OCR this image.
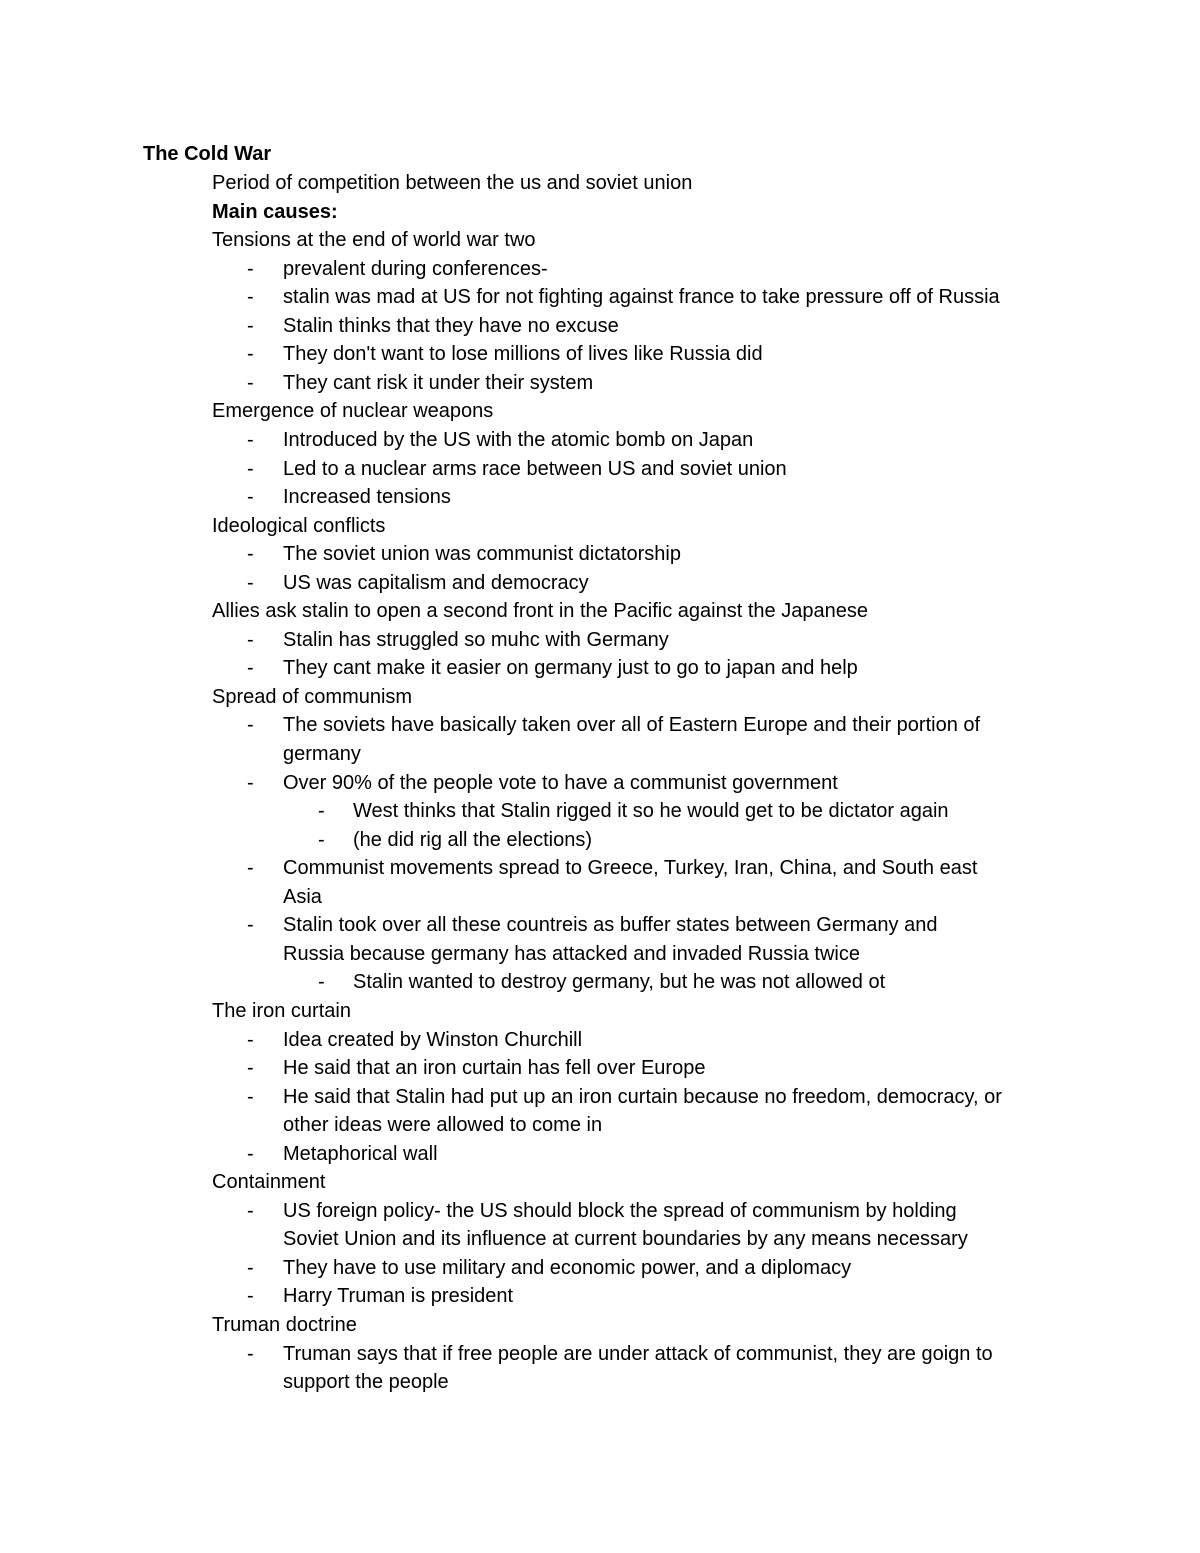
The Cold War
Period of competition between the us and soviet union
Main causes:
Tensions at the end of world war two
- prevalent during conferences-
- stalin was mad at US for not fighting against france to take pressure off of Russia
- Stalin thinks that they have no excuse
- They don't want to lose millions of lives like Russia did
- They cant risk it under their system
Emergence of nuclear weapons
- Introduced by the US with the atomic bomb on Japan
- Led to a nuclear arms race between US and soviet union
- Increased tensions
Ideological conflicts
- The soviet union was communist dictatorship
- US was capitalism and democracy
Allies ask stalin to open a second front in the Pacific against the Japanese
- Stalin has struggled so muhc with Germany
- They cant make it easier on germany just to go to japan and help
Spread of communism
- The soviets have basically taken over all of Eastern Europe and their portion of
germany
- Over 90% of the people vote to have a communist government
- West thinks that Stalin rigged it so he would get to be dictator again
- (he did rig all the elections)
- Communist movements spread to Greece, Turkey, Iran, China, and South east
Asia
- Stalin took over all these countreis as buffer states between Germany and
Russia because germany has attacked and invaded Russia twice
- Stalin wanted to destroy germany, but he was not allowed ot
The iron curtain
- Idea created by Winston Churchill
- He said that an iron curtain has fell over Europe
- He said that Stalin had put up an iron curtain because no freedom, democracy, or
other ideas were allowed to come in
- Metaphorical wall
Containment
- US foreign policy- the US should block the spread of communism by holding
Soviet Union and its influence at current boundaries by any means necessary
- They have to use military and economic power, and a diplomacy
- Harry Truman is president
Truman doctrine
- Truman says that if free people are under attack of communist, they are goign to
support the people
